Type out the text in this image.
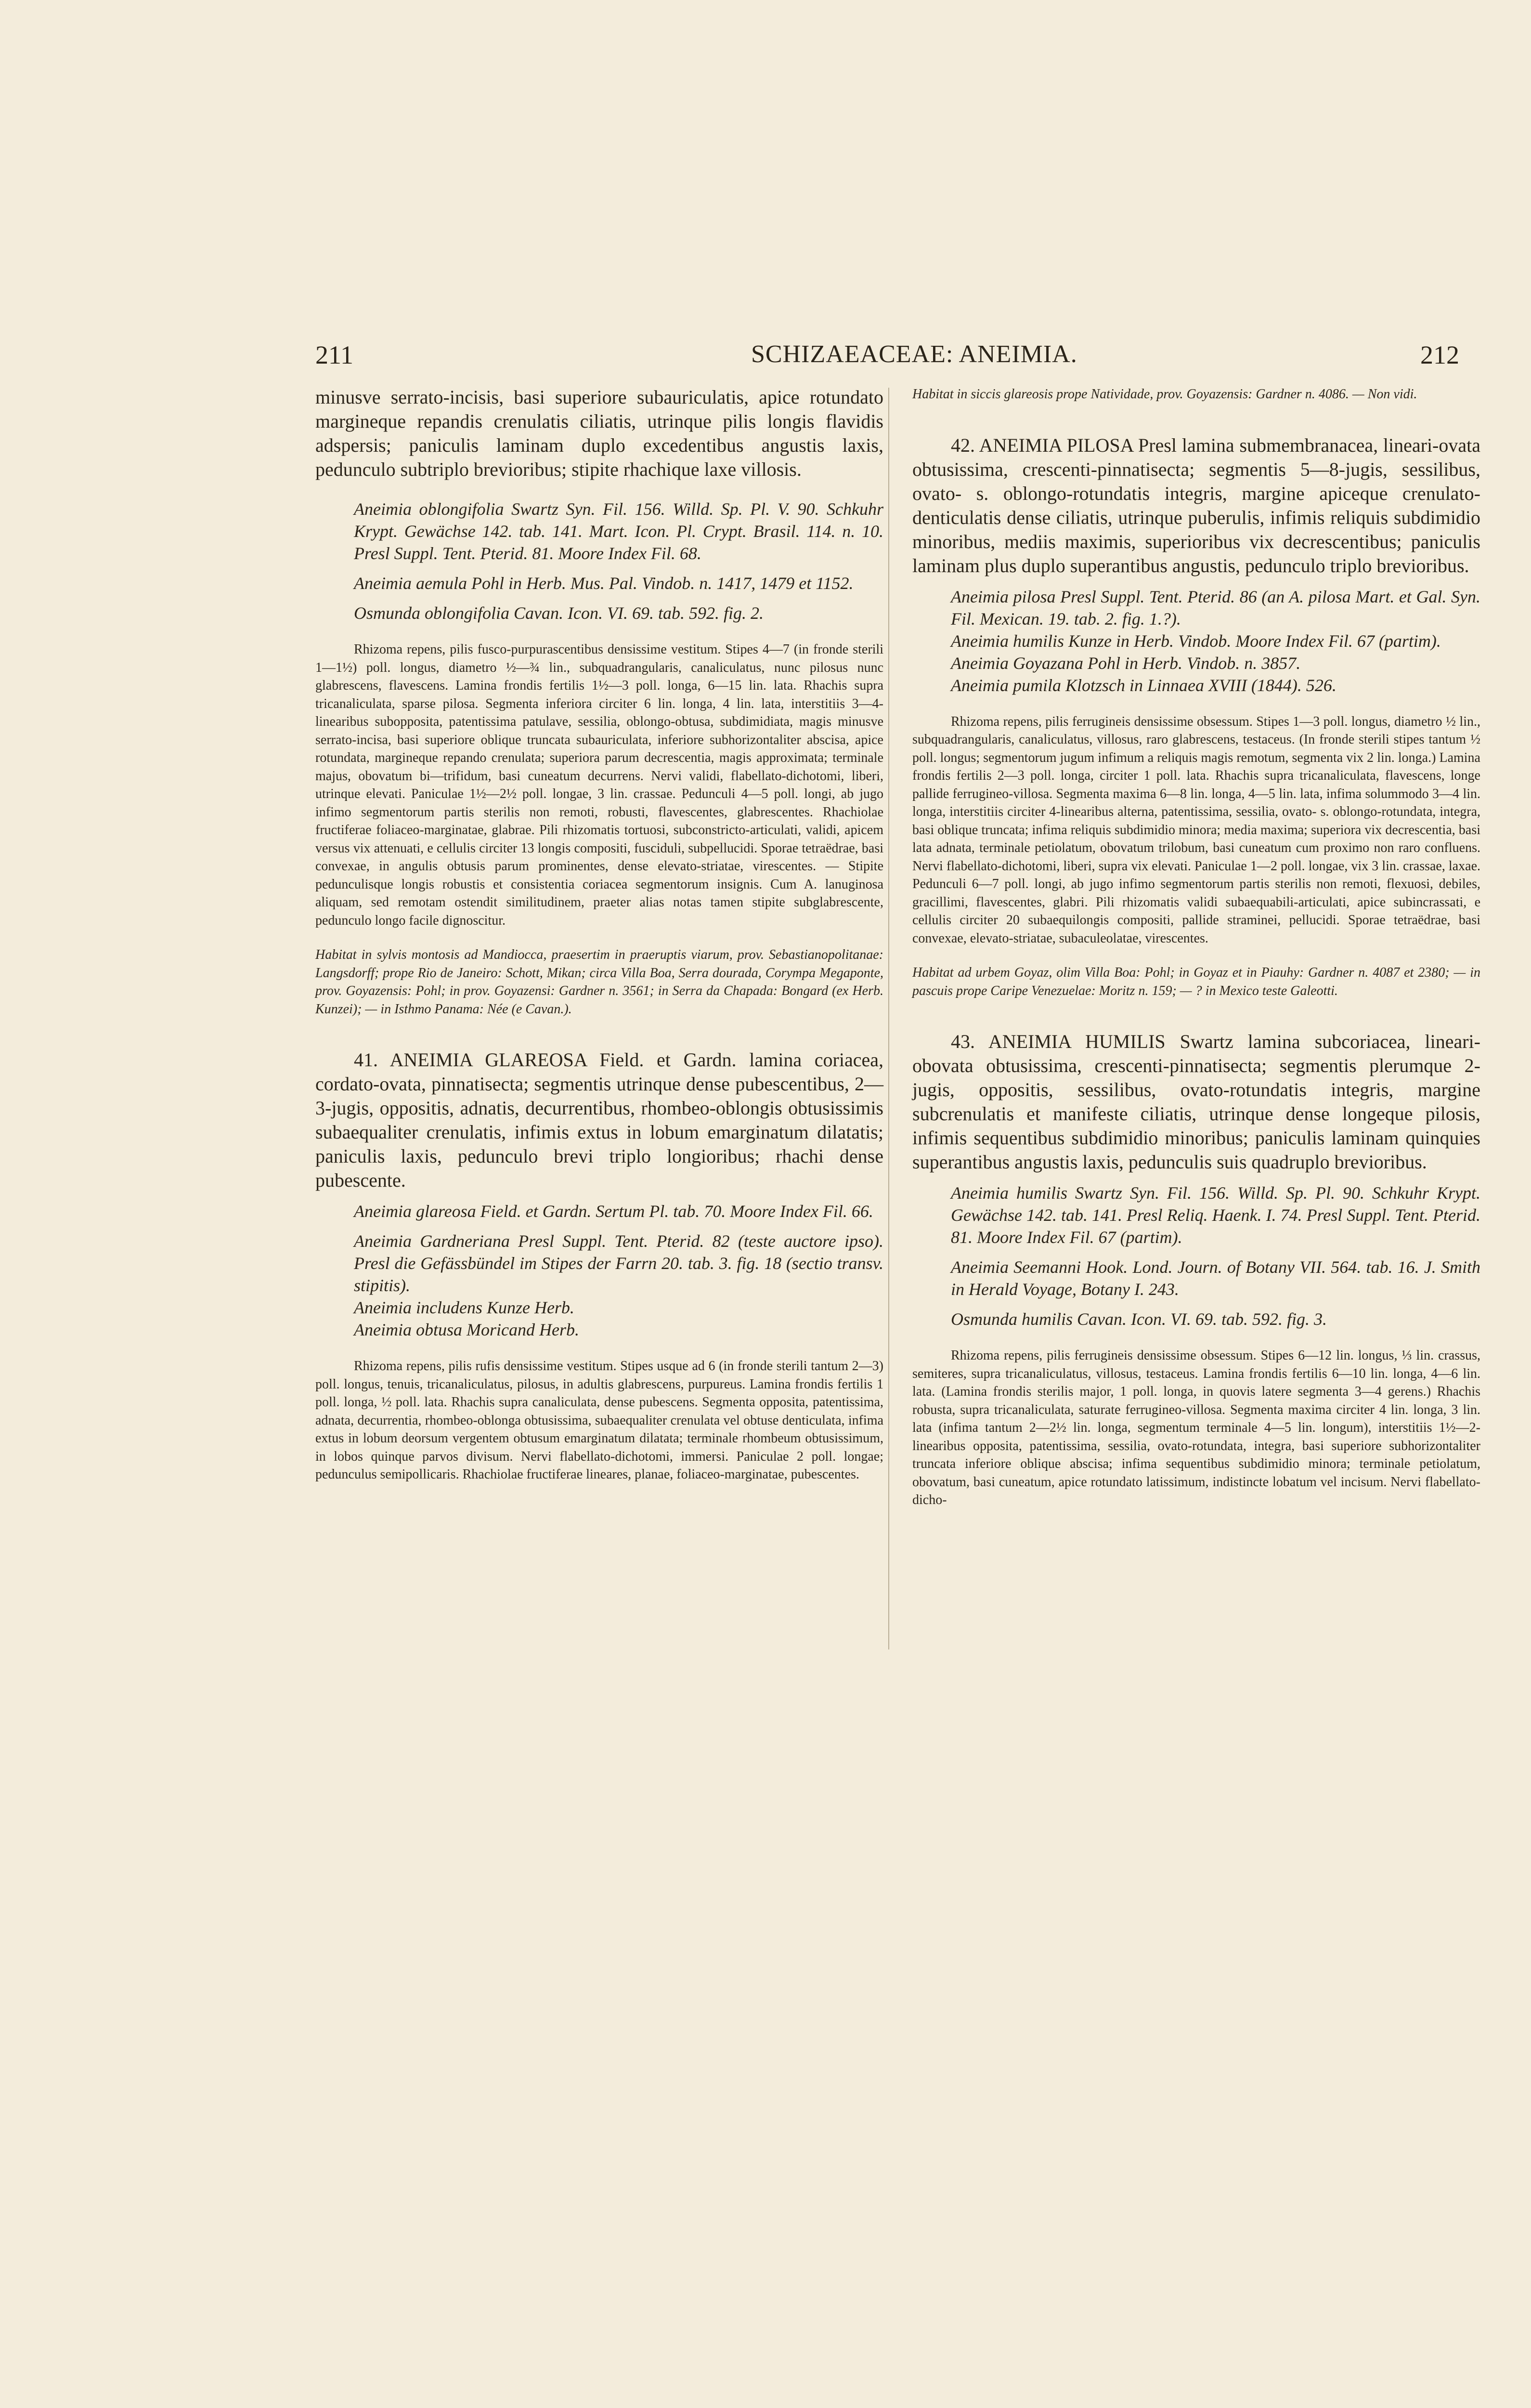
211	SCHIZAEACEAE: ANEIMIA.	212

minusve serrato-incisis, basi superiore subauriculatis, apice rotundato margineque repandis crenulatis ciliatis, utrinque pilis longis flavidis adspersis; paniculis laminam duplo excedentibus angustis laxis, pedunculo subtriplo brevioribus; stipite rhachique laxe villosis.

Aneimia oblongifolia Swartz Syn. Fil. 156. Willd. Sp. Pl. V. 90. Schkuhr Krypt. Gewächse 142. tab. 141. Mart. Icon. Pl. Crypt. Brasil. 114. n. 10. Presl Suppl. Tent. Pterid. 81. Moore Index Fil. 68.

Aneimia aemula Pohl in Herb. Mus. Pal. Vindob. n. 1417, 1479 et 1152.

Osmunda oblongifolia Cavan. Icon. VI. 69. tab. 592. fig. 2.

Rhizoma repens, pilis fusco-purpurascentibus densissime vestitum. Stipes 4—7 (in fronde sterili 1—1½) poll. longus, diametro ½—¾ lin., subquadrangularis, canaliculatus, nunc pilosus nunc glabrescens, flavescens. Lamina frondis fertilis 1½—3 poll. longa, 6—15 lin. lata. Rhachis supra tricanaliculata, sparse pilosa. Segmenta inferiora circiter 6 lin. longa, 4 lin. lata, interstitiis 3—4-linearibus subopposita, patentissima patulave, sessilia, oblongo-obtusa, subdimidiata, magis minusve serrato-incisa, basi superiore oblique truncata subauriculata, inferiore subhorizontaliter abscisa, apice rotundata, margineque repando crenulata; superiora parum decrescentia, magis approximata; terminale majus, obovatum bi—trifidum, basi cuneatum decurrens. Nervi validi, flabellato-dichotomi, liberi, utrinque elevati. Paniculae 1½—2½ poll. longae, 3 lin. crassae. Pedunculi 4—5 poll. longi, ab jugo infimo segmentorum partis sterilis non remoti, robusti, flavescentes, glabrescentes. Rhachiolae fructiferae foliaceo-marginatae, glabrae. Pili rhizomatis tortuosi, subconstricto-articulati, validi, apicem versus vix attenuati, e cellulis circiter 13 longis compositi, fusciduli, subpellucidi. Sporae tetraëdrae, basi convexae, in angulis obtusis parum prominentes, dense elevato-striatae, virescentes. — Stipite pedunculisque longis robustis et consistentia coriacea segmentorum insignis. Cum A. lanuginosa aliquam, sed remotam ostendit similitudinem, praeter alias notas tamen stipite subglabrescente, pedunculo longo facile dignoscitur.

Habitat in sylvis montosis ad Mandiocca, praesertim in praeruptis viarum, prov. Sebastianopolitanae: Langsdorff; prope Rio de Janeiro: Schott, Mikan; circa Villa Boa, Serra dourada, Corympa Megaponte, prov. Goyazensis: Pohl; in prov. Goyazensi: Gardner n. 3561; in Serra da Chapada: Bongard (ex Herb. Kunzei); — in Isthmo Panama: Née (e Cavan.).

41. ANEIMIA GLAREOSA Field. et Gardn. lamina coriacea, cordato-ovata, pinnatisecta; segmentis utrinque dense pubescentibus, 2—3-jugis, oppositis, adnatis, decurrentibus, rhombeo-oblongis obtusissimis subaequaliter crenulatis, infimis extus in lobum emarginatum dilatatis; paniculis laxis, pedunculo brevi triplo longioribus; rhachi dense pubescente.

Aneimia glareosa Field. et Gardn. Sertum Pl. tab. 70. Moore Index Fil. 66.

Aneimia Gardneriana Presl Suppl. Tent. Pterid. 82 (teste auctore ipso). Presl die Gefässbündel im Stipes der Farrn 20. tab. 3. fig. 18 (sectio transv. stipitis).

Aneimia includens Kunze Herb.

Aneimia obtusa Moricand Herb.

Rhizoma repens, pilis rufis densissime vestitum. Stipes usque ad 6 (in fronde sterili tantum 2—3) poll. longus, tenuis, tricanaliculatus, pilosus, in adultis glabrescens, purpureus. Lamina frondis fertilis 1 poll. longa, ½ poll. lata. Rhachis supra canaliculata, dense pubescens. Segmenta opposita, patentissima, adnata, decurrentia, rhombeo-oblonga obtusissima, subaequaliter crenulata vel obtuse denticulata, infima extus in lobum deorsum vergentem obtusum emarginatum dilatata; terminale rhombeum obtusissimum, in lobos quinque parvos divisum. Nervi flabellato-dichotomi, immersi. Paniculae 2 poll. longae; pedunculus semipollicaris. Rhachiolae fructiferae lineares, planae, foliaceo-marginatae, pubescentes.

Habitat in siccis glareosis prope Natividade, prov. Goyazensis: Gardner n. 4086. — Non vidi.

42. ANEIMIA PILOSA Presl lamina submembranacea, lineari-ovata obtusissima, crescenti-pinnatisecta; segmentis 5—8-jugis, sessilibus, ovato- s. oblongo-rotundatis integris, margine apiceque crenulato-denticulatis dense ciliatis, utrinque puberulis, infimis reliquis subdimidio minoribus, mediis maximis, superioribus vix decrescentibus; paniculis laminam plus duplo superantibus angustis, pedunculo triplo brevioribus.

Aneimia pilosa Presl Suppl. Tent. Pterid. 86 (an A. pilosa Mart. et Gal. Syn. Fil. Mexican. 19. tab. 2. fig. 1.?).

Aneimia humilis Kunze in Herb. Vindob. Moore Index Fil. 67 (partim).

Aneimia Goyazana Pohl in Herb. Vindob. n. 3857.

Aneimia pumila Klotzsch in Linnaea XVIII (1844). 526.

Rhizoma repens, pilis ferrugineis densissime obsessum. Stipes 1—3 poll. longus, diametro ½ lin., subquadrangularis, canaliculatus, villosus, raro glabrescens, testaceus. (In fronde sterili stipes tantum ½ poll. longus; segmentorum jugum infimum a reliquis magis remotum, segmenta vix 2 lin. longa.) Lamina frondis fertilis 2—3 poll. longa, circiter 1 poll. lata. Rhachis supra tricanaliculata, flavescens, longe pallide ferrugineo-villosa. Segmenta maxima 6—8 lin. longa, 4—5 lin. lata, infima solummodo 3—4 lin. longa, interstitiis circiter 4-linearibus alterna, patentissima, sessilia, ovato- s. oblongo-rotundata, integra, basi oblique truncata; infima reliquis subdimidio minora; media maxima; superiora vix decrescentia, basi lata adnata, terminale petiolatum, obovatum trilobum, basi cuneatum cum proximo non raro confluens. Nervi flabellato-dichotomi, liberi, supra vix elevati. Paniculae 1—2 poll. longae, vix 3 lin. crassae, laxae. Pedunculi 6—7 poll. longi, ab jugo infimo segmentorum partis sterilis non remoti, flexuosi, debiles, gracillimi, flavescentes, glabri. Pili rhizomatis validi subaequabili-articulati, apice subincrassati, e cellulis circiter 20 subaequilongis compositi, pallide straminei, pellucidi. Sporae tetraëdrae, basi convexae, elevato-striatae, subaculeolatae, virescentes.

Habitat ad urbem Goyaz, olim Villa Boa: Pohl; in Goyaz et in Piauhy: Gardner n. 4087 et 2380; — in pascuis prope Caripe Venezuelae: Moritz n. 159; — ? in Mexico teste Galeotti.

43. ANEIMIA HUMILIS Swartz lamina subcoriacea, lineari-obovata obtusissima, crescenti-pinnatisecta; segmentis plerumque 2-jugis, oppositis, sessilibus, ovato-rotundatis integris, margine subcrenulatis et manifeste ciliatis, utrinque dense longeque pilosis, infimis sequentibus subdimidio minoribus; paniculis laminam quinquies superantibus angustis laxis, pedunculis suis quadruplo brevioribus.

Aneimia humilis Swartz Syn. Fil. 156. Willd. Sp. Pl. 90. Schkuhr Krypt. Gewächse 142. tab. 141. Presl Reliq. Haenk. I. 74. Presl Suppl. Tent. Pterid. 81. Moore Index Fil. 67 (partim).

Aneimia Seemanni Hook. Lond. Journ. of Botany VII. 564. tab. 16. J. Smith in Herald Voyage, Botany I. 243.

Osmunda humilis Cavan. Icon. VI. 69. tab. 592. fig. 3.

Rhizoma repens, pilis ferrugineis densissime obsessum. Stipes 6—12 lin. longus, ⅓ lin. crassus, semiteres, supra tricanaliculatus, villosus, testaceus. Lamina frondis fertilis 6—10 lin. longa, 4—6 lin. lata. (Lamina frondis sterilis major, 1 poll. longa, in quovis latere segmenta 3—4 gerens.) Rhachis robusta, supra tricanaliculata, saturate ferrugineo-villosa. Segmenta maxima circiter 4 lin. longa, 3 lin. lata (infima tantum 2—2½ lin. longa, segmentum terminale 4—5 lin. longum), interstitiis 1½—2-linearibus opposita, patentissima, sessilia, ovato-rotundata, integra, basi superiore subhorizontaliter truncata inferiore oblique abscisa; infima sequentibus subdimidio minora; terminale petiolatum, obovatum, basi cuneatum, apice rotundato latissimum, indistincte lobatum vel incisum. Nervi flabellato-dicho-
